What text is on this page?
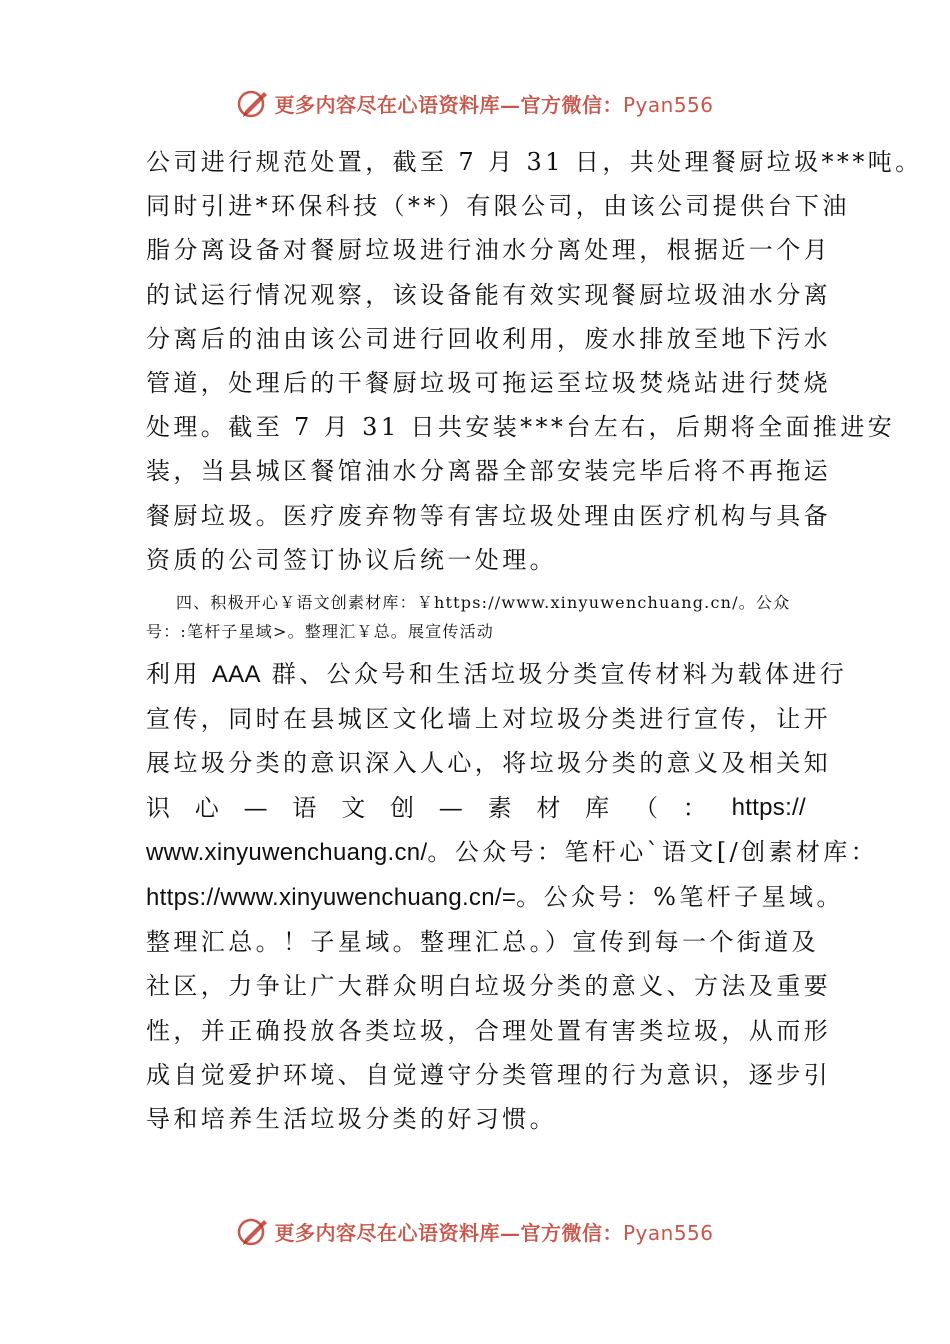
更多内容尽在心语资料库—官方微信：Pyan556
公司进行规范处置，截至 7 月 31 日，共处理餐厨垃圾***吨。
同时引进*环保科技（**）有限公司，由该公司提供台下油
脂分离设备对餐厨垃圾进行油水分离处理，根据近一个月
的试运行情况观察，该设备能有效实现餐厨垃圾油水分离
分离后的油由该公司进行回收利用，废水排放至地下污水
管道，处理后的干餐厨垃圾可拖运至垃圾焚烧站进行焚烧
处理。截至 7 月 31 日共安装***台左右，后期将全面推进安
装，当县城区餐馆油水分离器全部安装完毕后将不再拖运
餐厨垃圾。医疗废弃物等有害垃圾处理由医疗机构与具备
资质的公司签订协议后统一处理。
四、积极开心￥语文创素材库：￥https://www.xinyuwenchuang.cn/。公众
号：:笔杆子星域>。整理汇￥总。展宣传活动
利用 AAA 群、公众号和生活垃圾分类宣传材料为载体进行
宣传，同时在县城区文化墙上对垃圾分类进行宣传，让开
展垃圾分类的意识深入人心，将垃圾分类的意义及相关知
识 心 — 语 文 创 — 素 材 库 （ ： https://
www.xinyuwenchuang.cn/。公众号：笔杆心`语文[/创素材库：
https://www.xinyuwenchuang.cn/=。公众号：%笔杆子星域。
整理汇总。！子星域。整理汇总。）宣传到每一个街道及
社区，力争让广大群众明白垃圾分类的意义、方法及重要
性，并正确投放各类垃圾，合理处置有害类垃圾，从而形
成自觉爱护环境、自觉遵守分类管理的行为意识，逐步引
导和培养生活垃圾分类的好习惯。
更多内容尽在心语资料库—官方微信：Pyan556
